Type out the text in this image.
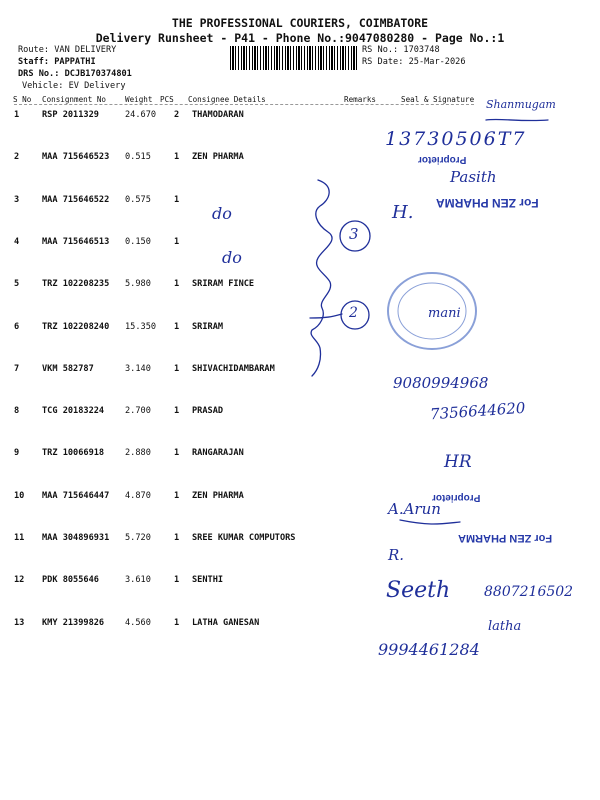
THE PROFESSIONAL COURIERS, COIMBATORE
Delivery Runsheet - P41 - Phone No.:9047080280 - Page No.:1
Route: VAN DELIVERY
Staff: PAPPATHI
DRS No.: DCJB170374801
Vehicle: EV Delivery
RS No.: 1703748
RS Date: 25-Mar-2026
S No Consignment No Weight PCS Consignee Details	Remarks	Seal & Signature
1	RSP 2011329	24.670 2 THAMODARAN
2	MAA 715646523 0.515	1 ZEN PHARMA
3	MAA 715646522 0.575	1
4	MAA 715646513 0.150	1
5	TRZ 102208235 5.980	1 SRIRAM FINCE
6	TRZ 102208240 15.350 1 SRIRAM
7	VKM 582787	3.140	1 SHIVACHIDAMBARAM
8	TCG 20183224 2.700	1 PRASAD
9	TRZ 10066918 2.880	1 RANGARAJAN
10 MAA 715646447 4.870	1 ZEN PHARMA
11 MAA 304896931 5.720	1 SREE KUMAR COMPUTORS
12 PDK 8055646	3.610	1 SENTHI
13 KMY 21399826 4.560	1 LATHA GANESAN
do
do
3
2
Shanmugam
13730506T7
Pasith
H.
mani
9080994968
7356644620
HR
A.Arun
R.
Seeth 8807216502
latha
9994461284
Proprietor
For ZEN PHARMA
Proprietor
For ZEN PHARMA
